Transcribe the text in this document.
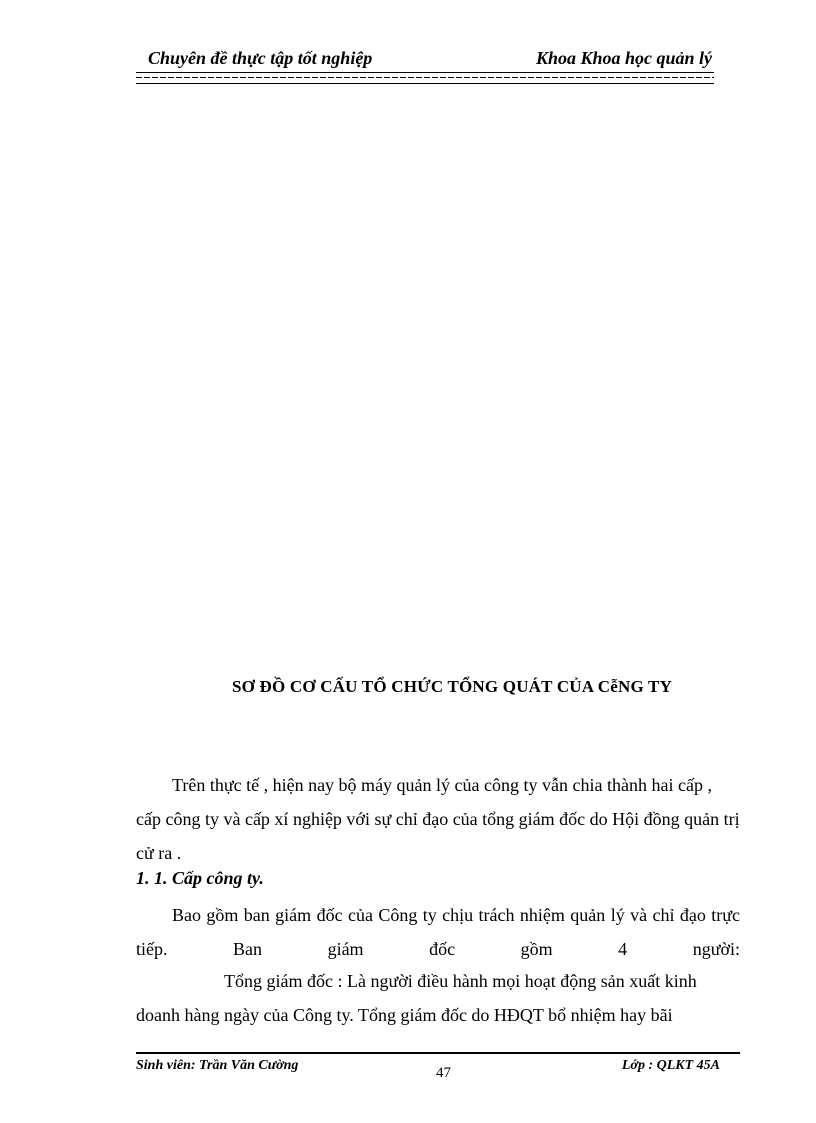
Chuyên đề thực tập tốt nghiệp	Khoa Khoa học quản lý
SƠ ĐỒ CƠ CẤU TỔ CHỨC TỔNG QUÁT CỦA CễNG TY
Trên thực tế , hiện nay bộ máy quản lý của công ty vẫn chia thành hai cấp , cấp công ty và cấp xí nghiệp với sự chỉ đạo của tổng giám đốc do Hội đồng quản trị cử ra .
1. 1. Cấp công ty.
Bao gồm ban giám đốc của Công ty chịu trách nhiệm quản lý và chỉ đạo trực tiếp. Ban giám đốc gồm 4 người:
Tổng giám đốc : Là người điều hành mọi hoạt động sản xuất kinh doanh hàng ngày của Công ty. Tổng giám đốc do HĐQT bổ nhiệm hay bãi
Sinh viên: Trần Văn Cường	47	Lớp : QLKT 45A
